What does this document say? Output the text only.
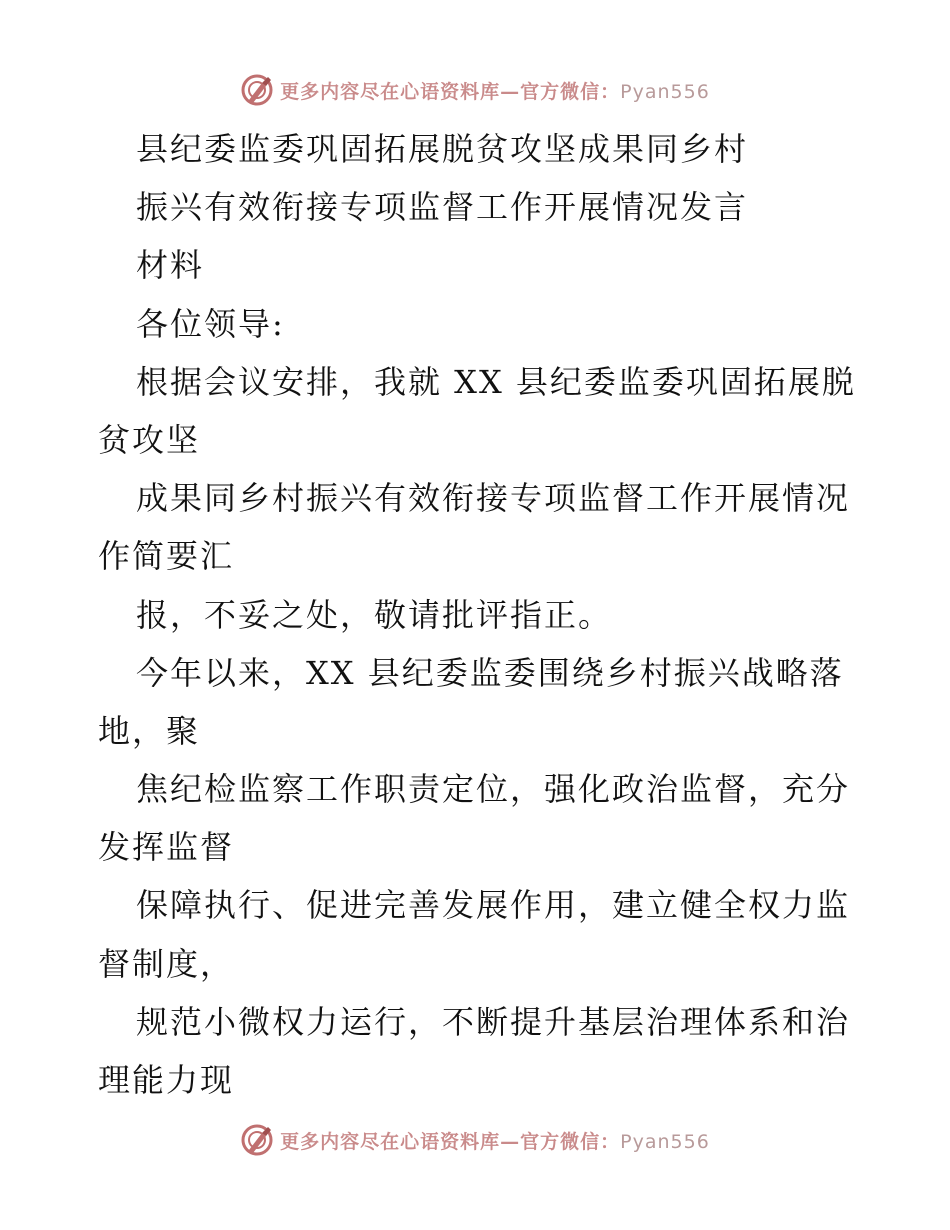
更多内容尽在心语资料库—官方微信：Pyan556
县纪委监委巩固拓展脱贫攻坚成果同乡村
振兴有效衔接专项监督工作开展情况发言
材料
各位领导:
根据会议安排，我就 XX 县纪委监委巩固拓展脱
贫攻坚
成果同乡村振兴有效衔接专项监督工作开展情况
作简要汇
报，不妥之处，敬请批评指正。
今年以来，XX 县纪委监委围绕乡村振兴战略落
地，聚
焦纪检监察工作职责定位，强化政治监督，充分
发挥监督
保障执行、促进完善发展作用，建立健全权力监
督制度，
规范小微权力运行，不断提升基层治理体系和治
理能力现
更多内容尽在心语资料库—官方微信：Pyan556
